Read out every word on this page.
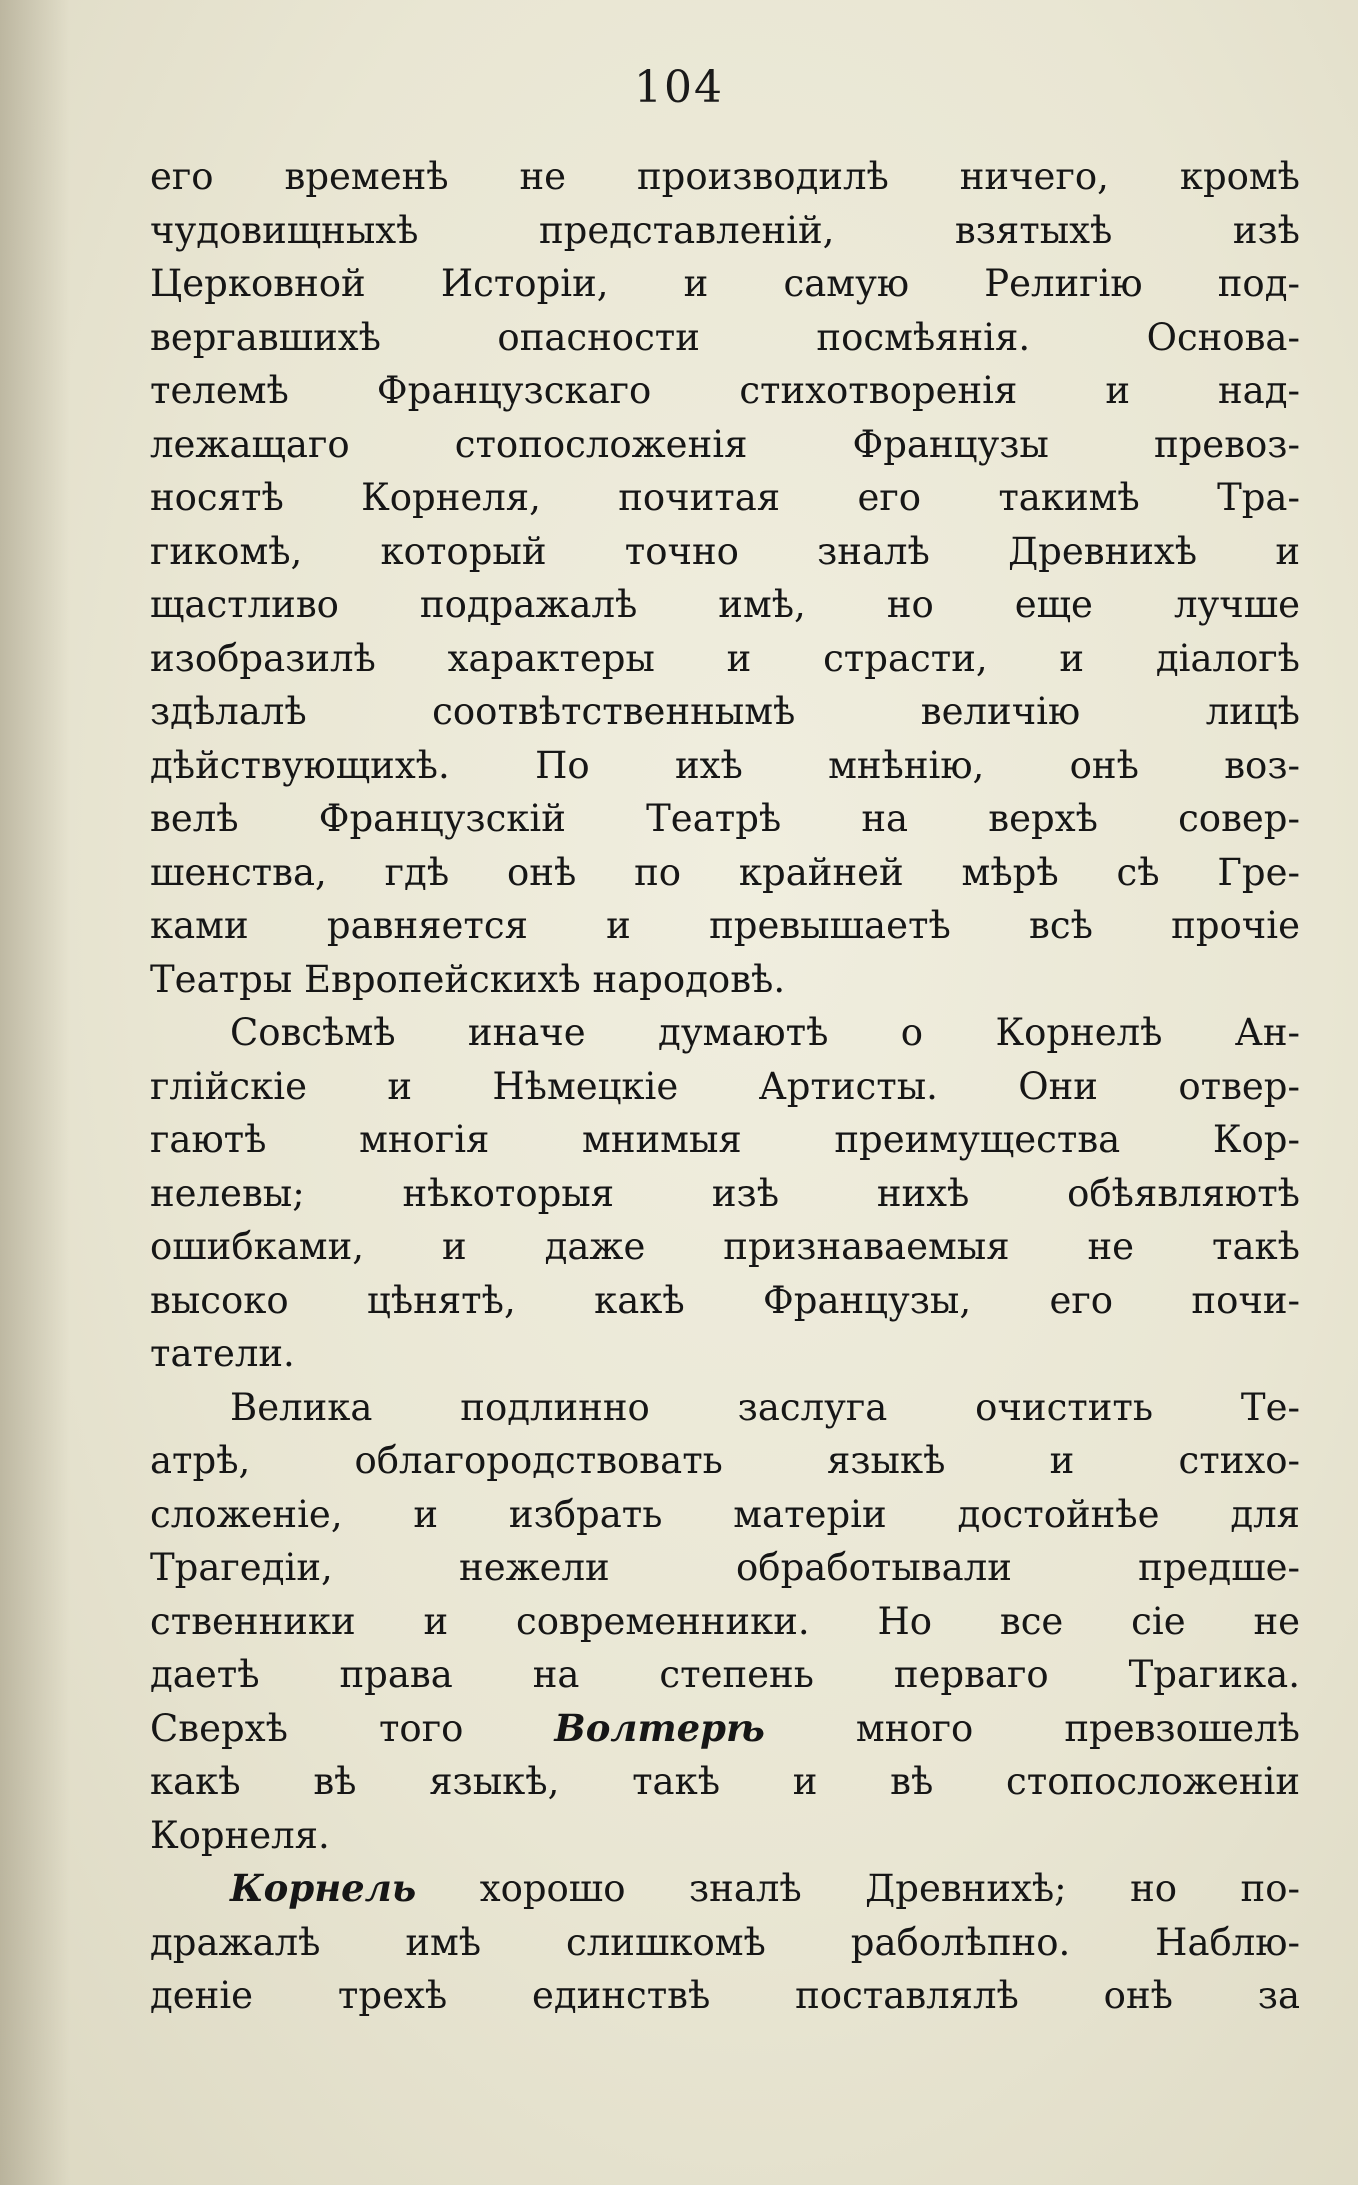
104
его временѣ не производилѣ ничего, кромѣ
чудовищныхѣ представленій, взятыхѣ изѣ
Церковной Исторіи, и самую Религію под-
вергавшихѣ опасности посмѣянія. Основа-
телемѣ Французскаго стихотворенія и над-
лежащаго стопосложенія Французы превоз-
носятѣ Корнеля, почитая его такимѣ Тра-
гикомѣ, который точно зналѣ Древнихѣ и
щастливо подражалѣ имѣ, но еще лучше
изобразилѣ характеры и страсти, и діалогѣ
здѣлалѣ соотвѣтственнымѣ величію лицѣ
дѣйствующихѣ. По ихѣ мнѣнію, онѣ воз-
велѣ Французскій Театрѣ на верхѣ совер-
шенства, гдѣ онѣ по крайней мѣрѣ сѣ Гре-
ками равняется и превышаетѣ всѣ прочіе
Театры Европейскихѣ народовѣ.
Совсѣмѣ иначе думаютѣ о Корнелѣ Ан-
глійскіе и Нѣмецкіе Артисты. Они отвер-
гаютѣ многія мнимыя преимущества Кор-
нелевы; нѣкоторыя изѣ нихѣ обѣявляютѣ
ошибками, и даже признаваемыя не такѣ
высоко цѣнятѣ, какѣ Французы, его почи-
татели.
Велика подлинно заслуга очистить Те-
атрѣ, облагородствовать языкѣ и стихо-
сложеніе, и избрать матеріи достойнѣе для
Трагедіи, нежели обработывали предше-
ственники и современники. Но все сіе не
даетѣ права на степень перваго Трагика.
Сверхѣ того Волтерѣ много превзошелѣ
какѣ вѣ языкѣ, такѣ и вѣ стопосложеніи
Корнеля.
Корнель хорошо зналѣ Древнихѣ; но по-
дражалѣ имѣ слишкомѣ раболѣпно. Наблю-
деніе трехѣ единствѣ поставлялѣ онѣ за
